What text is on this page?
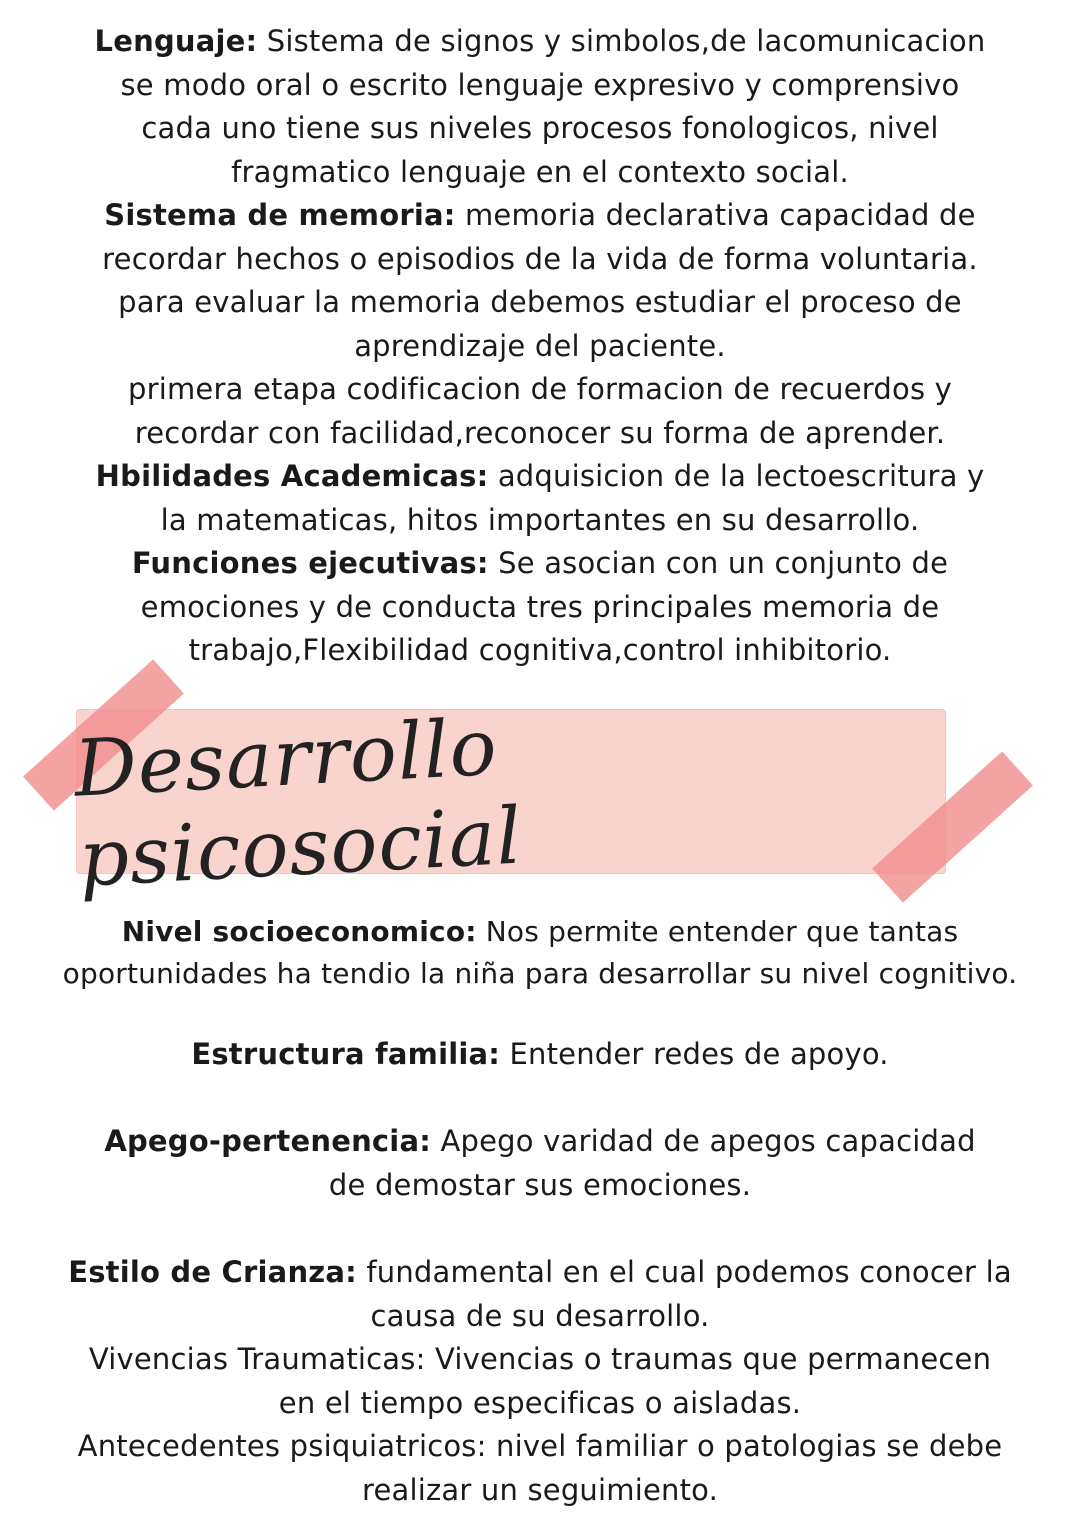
Lenguaje: Sistema de signos y simbolos,de lacomunicacion

se modo oral o escrito lenguaje expresivo y comprensivo

cada uno tiene sus niveles procesos fonologicos, nivel

fragmatico lenguaje en el contexto social.

Sistema de memoria: memoria declarativa capacidad de

recordar hechos o episodios de la vida de forma voluntaria.

para evaluar la memoria debemos estudiar el proceso de

aprendizaje del paciente.

primera etapa codificacion de formacion de recuerdos y

recordar con facilidad,reconocer su forma de aprender.

Hbilidades Academicas: adquisicion de la lectoescritura y

la matematicas, hitos importantes en su desarrollo.

Funciones ejecutivas: Se asocian con un conjunto de

emociones y de conducta tres principales memoria de

trabajo,Flexibilidad cognitiva,control inhibitorio.

Desarrollo psicosocial

Nivel socioeconomico: Nos permite entender que tantas

oportunidades ha tendio la niña para desarrollar su nivel cognitivo.

Estructura familia: Entender redes de apoyo.

Apego-pertenencia: Apego varidad de apegos capacidad

de demostar sus emociones.

Estilo de Crianza: fundamental en el cual podemos conocer la

causa de su desarrollo.

Vivencias Traumaticas: Vivencias o traumas que permanecen

en el tiempo especificas o aisladas.

Antecedentes psiquiatricos: nivel familiar o patologias se debe

realizar un seguimiento.
